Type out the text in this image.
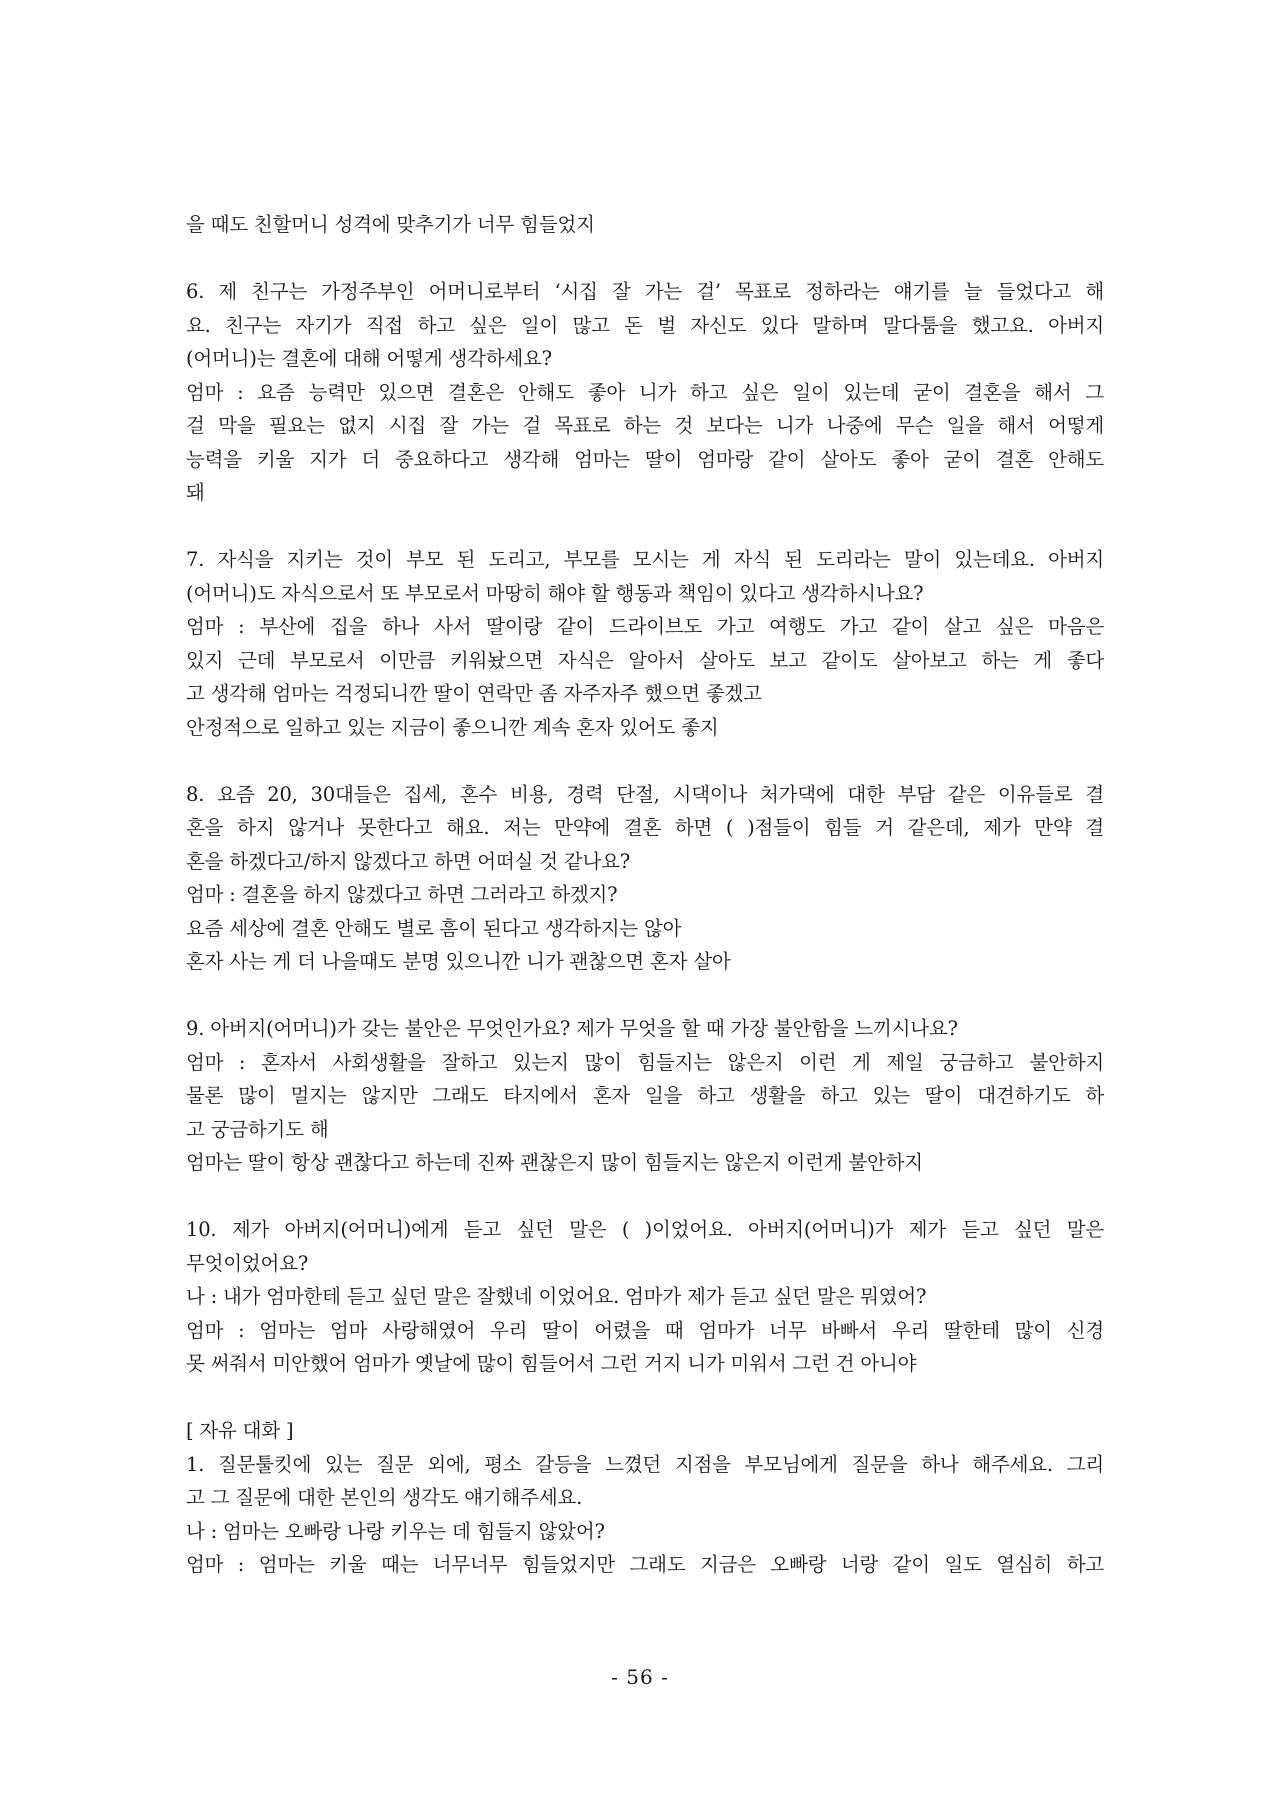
을 때도 친할머니 성격에 맞추기가 너무 힘들었지
6. 제 친구는 가정주부인 어머니로부터 ‘시집 잘 가는 걸’ 목표로 정하라는 얘기를 늘 들었다고 해
요. 친구는 자기가 직접 하고 싶은 일이 많고 돈 벌 자신도 있다 말하며 말다툼을 했고요. 아버지
(어머니)는 결혼에 대해 어떻게 생각하세요?
엄마 : 요즘 능력만 있으면 결혼은 안해도 좋아 니가 하고 싶은 일이 있는데 굳이 결혼을 해서 그
걸 막을 필요는 없지 시집 잘 가는 걸 목표로 하는 것 보다는 니가 나중에 무슨 일을 해서 어떻게
능력을 키울 지가 더 중요하다고 생각해 엄마는 딸이 엄마랑 같이 살아도 좋아 굳이 결혼 안해도
돼
7. 자식을 지키는 것이 부모 된 도리고, 부모를 모시는 게 자식 된 도리라는 말이 있는데요. 아버지
(어머니)도 자식으로서 또 부모로서 마땅히 해야 할 행동과 책임이 있다고 생각하시나요?
엄마 : 부산에 집을 하나 사서 딸이랑 같이 드라이브도 가고 여행도 가고 같이 살고 싶은 마음은
있지 근데 부모로서 이만큼 키워놨으면 자식은 알아서 살아도 보고 같이도 살아보고 하는 게 좋다
고 생각해 엄마는 걱정되니깐 딸이 연락만 좀 자주자주 했으면 좋겠고
안정적으로 일하고 있는 지금이 좋으니깐 계속 혼자 있어도 좋지
8. 요즘 20, 30대들은 집세, 혼수 비용, 경력 단절, 시댁이나 처가댁에 대한 부담 같은 이유들로 결
혼을 하지 않거나 못한다고 해요. 저는 만약에 결혼 하면 ( )점들이 힘들 거 같은데, 제가 만약 결
혼을 하겠다고/하지 않겠다고 하면 어떠실 것 같나요?
엄마 : 결혼을 하지 않겠다고 하면 그러라고 하겠지?
요즘 세상에 결혼 안해도 별로 흠이 된다고 생각하지는 않아
혼자 사는 게 더 나을때도 분명 있으니깐 니가 괜찮으면 혼자 살아
9. 아버지(어머니)가 갖는 불안은 무엇인가요? 제가 무엇을 할 때 가장 불안함을 느끼시나요?
엄마 : 혼자서 사회생활을 잘하고 있는지 많이 힘들지는 않은지 이런 게 제일 궁금하고 불안하지
물론 많이 멀지는 않지만 그래도 타지에서 혼자 일을 하고 생활을 하고 있는 딸이 대견하기도 하
고 궁금하기도 해
엄마는 딸이 항상 괜찮다고 하는데 진짜 괜찮은지 많이 힘들지는 않은지 이런게 불안하지
10. 제가 아버지(어머니)에게 듣고 싶던 말은 ( )이었어요. 아버지(어머니)가 제가 듣고 싶던 말은
무엇이었어요?
나 : 내가 엄마한테 듣고 싶던 말은 잘했네 이었어요. 엄마가 제가 듣고 싶던 말은 뭐였어?
엄마 : 엄마는 엄마 사랑해였어 우리 딸이 어렸을 때 엄마가 너무 바빠서 우리 딸한테 많이 신경
못 써줘서 미안했어 엄마가 옛날에 많이 힘들어서 그런 거지 니가 미워서 그런 건 아니야
[ 자유 대화 ]
1. 질문툴킷에 있는 질문 외에, 평소 갈등을 느꼈던 지점을 부모님에게 질문을 하나 해주세요. 그리
고 그 질문에 대한 본인의 생각도 얘기해주세요.
나 : 엄마는 오빠랑 나랑 키우는 데 힘들지 않았어?
엄마 : 엄마는 키울 때는 너무너무 힘들었지만 그래도 지금은 오빠랑 너랑 같이 일도 열심히 하고
- 56 -
